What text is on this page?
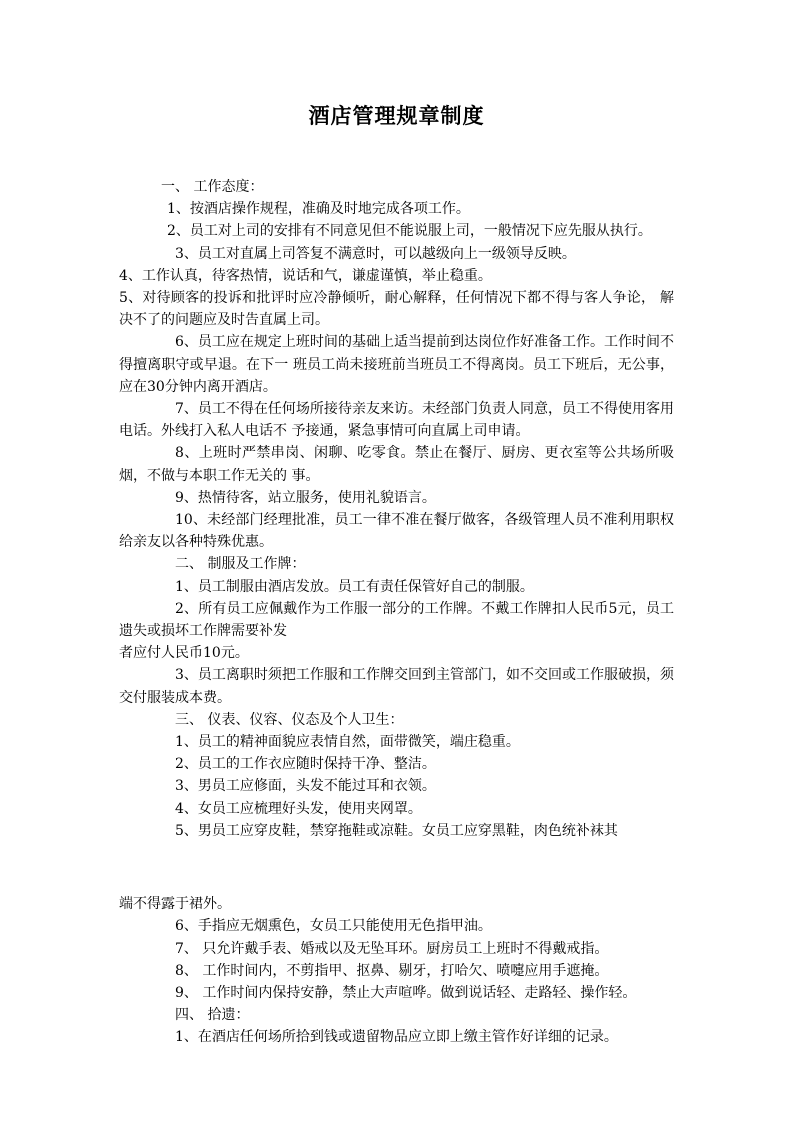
酒店管理规章制度

一、 工作态度：

1、按酒店操作规程，准确及时地完成各项工作。

2、员工对上司的安排有不同意见但不能说服上司，一般情况下应先服从执行。

3、员工对直属上司答复不满意时，可以越级向上一级领导反映。

4、工作认真，待客热情，说话和气，谦虚谨慎，举止稳重。

5、对待顾客的投诉和批评时应冷静倾听，耐心解释，任何情况下都不得与客人争论， 解决不了的问题应及时告直属上司。

6、员工应在规定上班时间的基础上适当提前到达岗位作好准备工作。工作时间不得擅离职守或早退。在下一 班员工尚未接班前当班员工不得离岗。员工下班后，无公事，应在30分钟内离开酒店。

7、员工不得在任何场所接待亲友来访。未经部门负责人同意，员工不得使用客用电话。外线打入私人电话不 予接通，紧急事情可向直属上司申请。

8、上班时严禁串岗、闲聊、吃零食。禁止在餐厅、厨房、更衣室等公共场所吸烟，不做与本职工作无关的 事。

9、热情待客，站立服务，使用礼貌语言。

10、未经部门经理批准，员工一律不准在餐厅做客，各级管理人员不准利用职权给亲友以各种特殊优惠。

二、 制服及工作牌：

1、员工制服由酒店发放。员工有责任保管好自己的制服。

2、所有员工应佩戴作为工作服一部分的工作牌。不戴工作牌扣人民币5元，员工遗失或损坏工作牌需要补发

者应付人民币10元。

3、员工离职时须把工作服和工作牌交回到主管部门，如不交回或工作服破损，须交付服装成本费。

三、 仪表、仪容、仪态及个人卫生：

1、员工的精神面貌应表情自然，面带微笑，端庄稳重。

2、员工的工作衣应随时保持干净、整洁。

3、男员工应修面，头发不能过耳和衣领。

4、女员工应梳理好头发，使用夹网罩。

5、男员工应穿皮鞋，禁穿拖鞋或凉鞋。女员工应穿黑鞋，肉色统补袜其

端不得露于裙外。

6、手指应无烟熏色，女员工只能使用无色指甲油。

7、 只允许戴手表、婚戒以及无坠耳环。厨房员工上班时不得戴戒指。

8、 工作时间内，不剪指甲、抠鼻、剔牙，打哈欠、喷嚏应用手遮掩。

9、 工作时间内保持安静，禁止大声喧哗。做到说话轻、走路轻、操作轻。

四、 拾遗：

1、在酒店任何场所拾到钱或遗留物品应立即上缴主管作好详细的记录。
